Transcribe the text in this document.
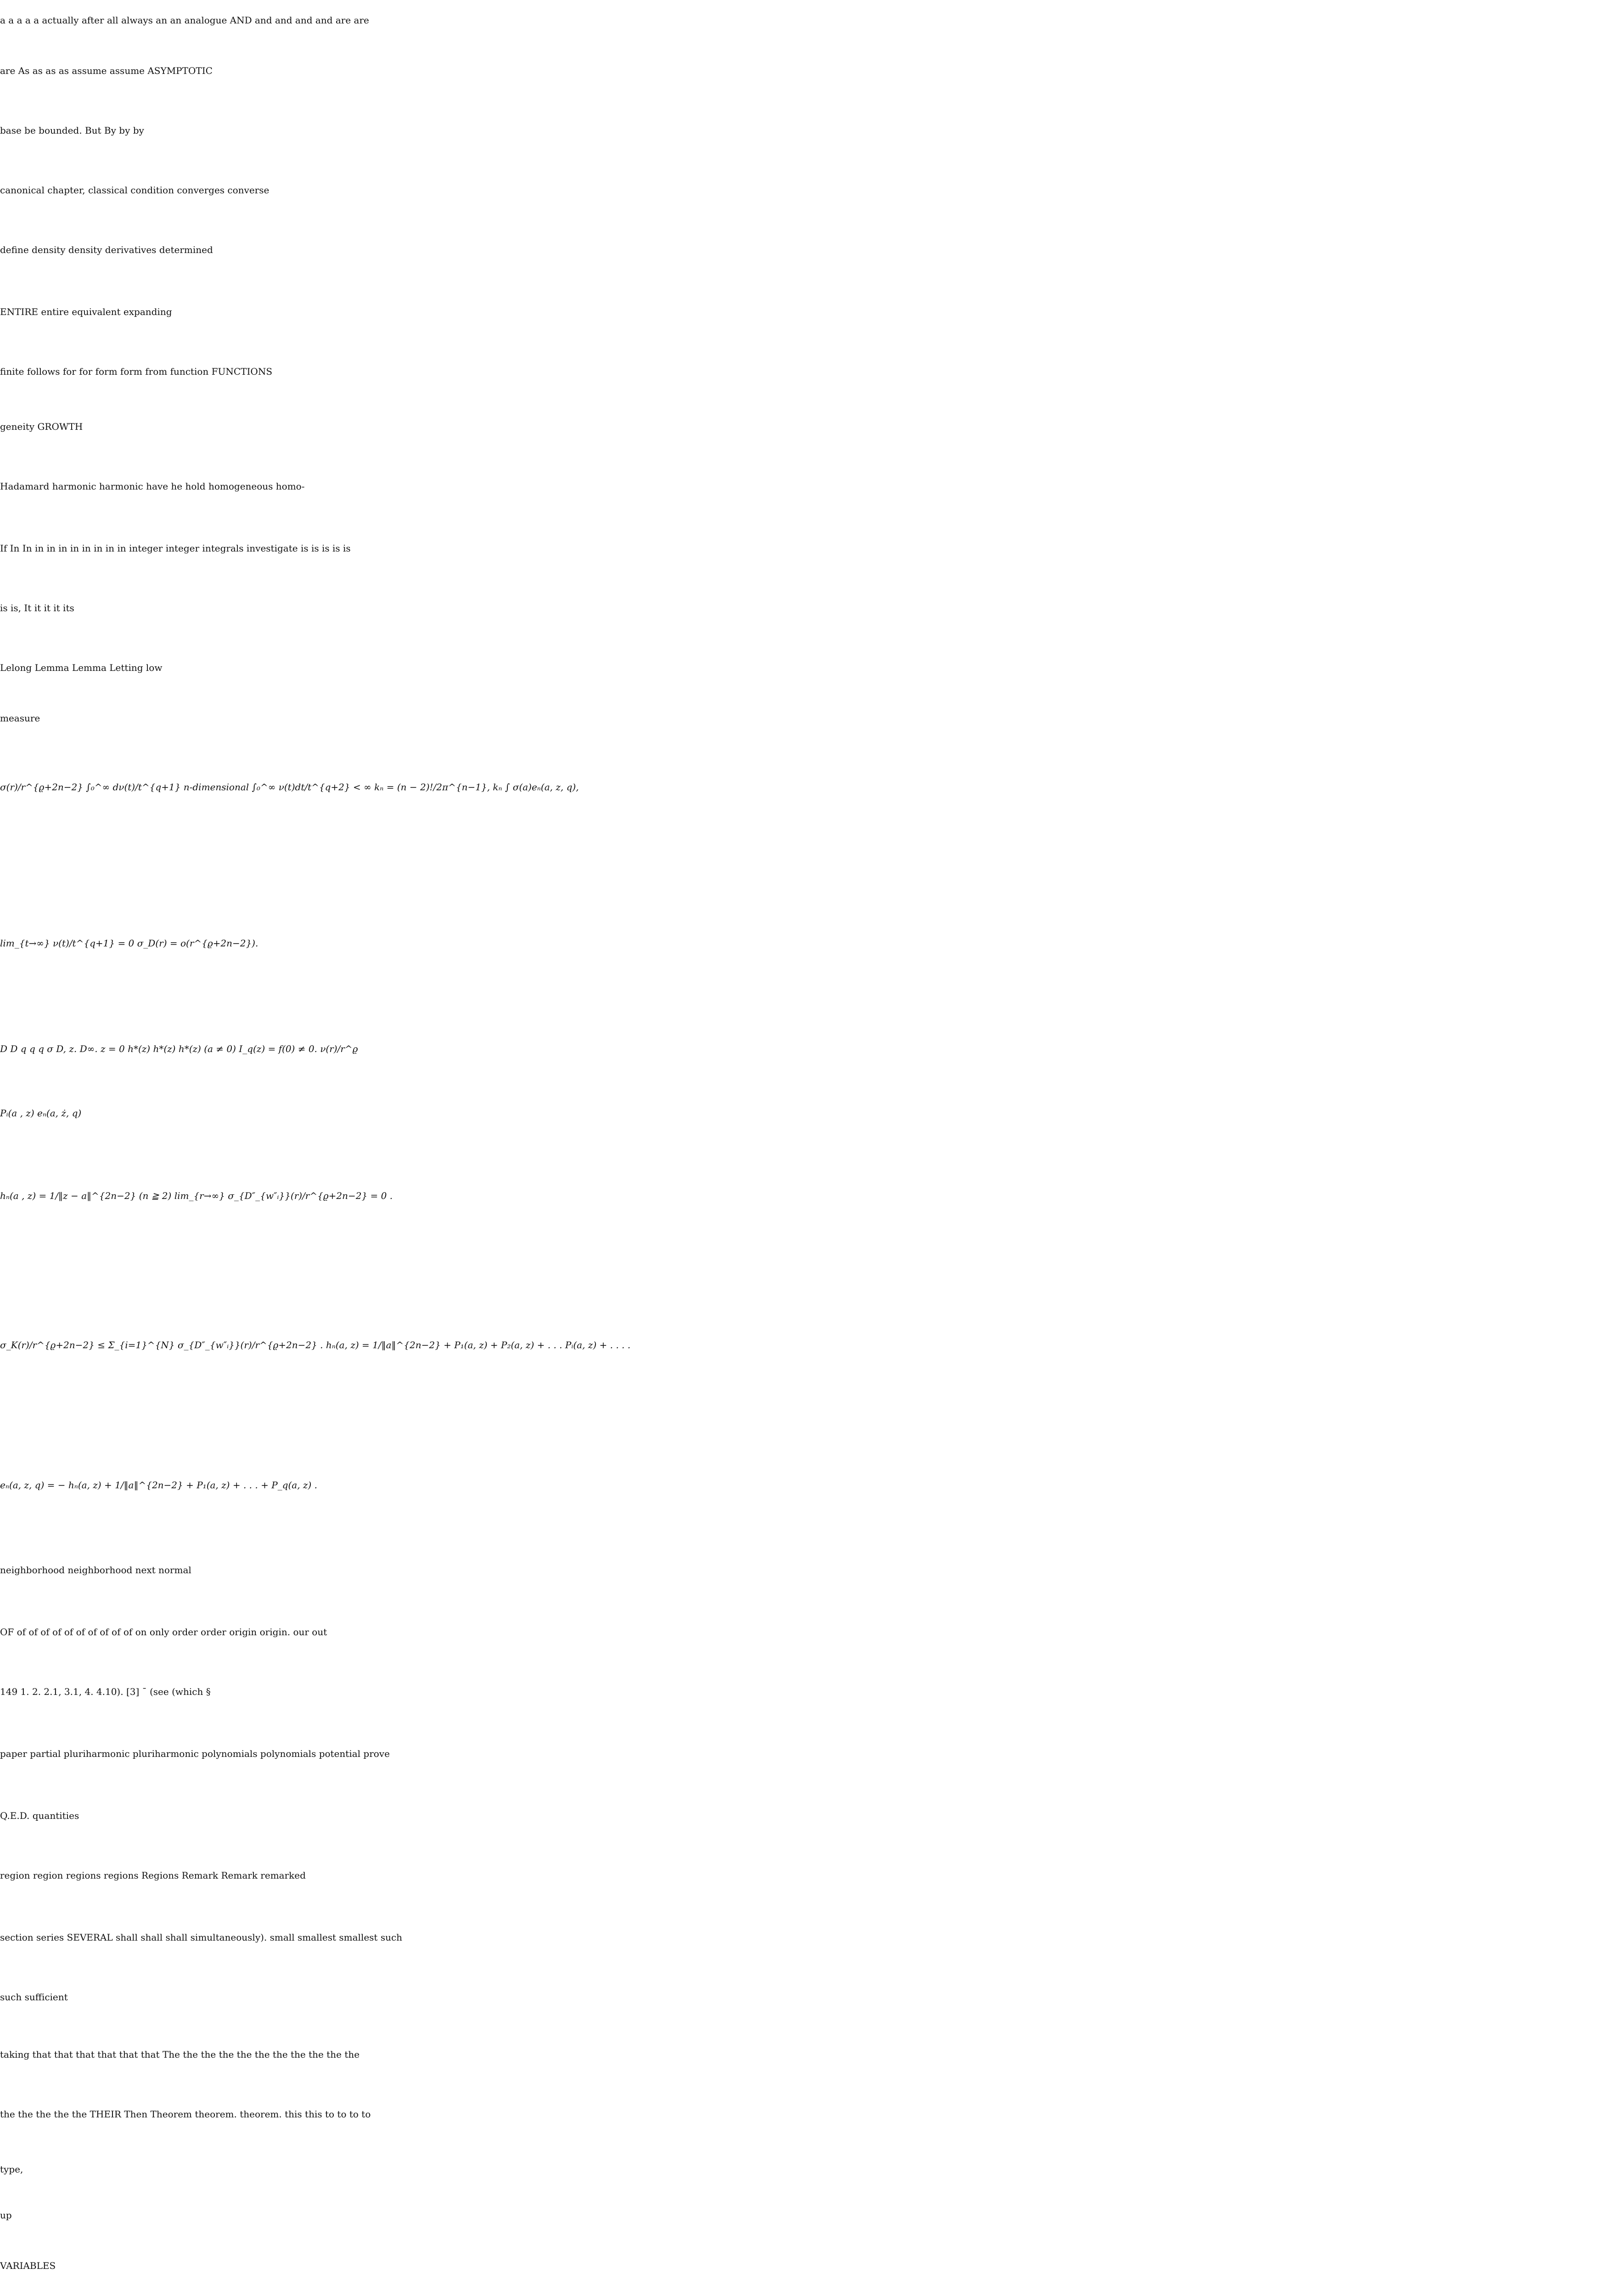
a a a a a actually after all always an an analogue AND and and and and are are
are As as as as assume assume ASYMPTOTIC
base be bounded. But By by by
canonical chapter, classical condition converges converse
define density density derivatives determined
ENTIRE entire equivalent expanding
finite follows for for form form from function FUNCTIONS
geneity GROWTH
Hadamard harmonic harmonic have he hold homogeneous homo-
If In In in in in in in in in in integer integer integrals investigate is is is is is
is is, It it it it its
Lelong Lemma Lemma Letting low
measure
σ(r)/r^{ϱ+2n−2} ∫₀^∞ dν(t)/t^{q+1} n-dimensional ∫₀^∞ ν(t)dt/t^{q+2} < ∞ kₙ = (n − 2)!/2π^{n−1}, kₙ ∫ σ(a)eₙ(a, z, q),
lim_{t→∞} ν(t)/t^{q+1} = 0 σ_D(r) = o(r^{ϱ+2n−2}).
D D q q q σ D, z. D∞. z = 0 h*(z) h*(z) h*(z) (a ≠ 0) I_q(z) = f(0) ≠ 0. ν(r)/r^ϱ
Pᵢ(a , z) eₙ(a, ż, q)
hₙ(a , z) = 1/‖z − a‖^{2n−2} (n ≧ 2) lim_{r→∞} σ_{D″_{w″ᵢ}}(r)/r^{ϱ+2n−2} = 0 .
σ_K(r)/r^{ϱ+2n−2} ≤ Σ_{i=1}^{N} σ_{D″_{w″ᵢ}}(r)/r^{ϱ+2n−2} . hₙ(a, z) = 1/‖a‖^{2n−2} + P₁(a, z) + P₂(a, z) + . . . Pᵢ(a, z) + . . . .
eₙ(a, z, q) = − hₙ(a, z) + 1/‖a‖^{2n−2} + P₁(a, z) + . . . + P_q(a, z) .
neighborhood neighborhood next normal
OF of of of of of of of of of of on only order order origin origin. our out
149 1. 2. 2.1, 3.1, 4. 4.10). [3] ¯ (see (which §
paper partial pluriharmonic pluriharmonic polynomials polynomials potential prove
Q.E.D. quantities
region region regions regions Regions Remark Remark remarked
section series SEVERAL shall shall shall simultaneously). small smallest smallest such
such sufficient
taking that that that that that that The the the the the the the the the the the
the the the the the THEIR Then Theorem theorem. theorem. this this to to to to
type,
up
VARIABLES
